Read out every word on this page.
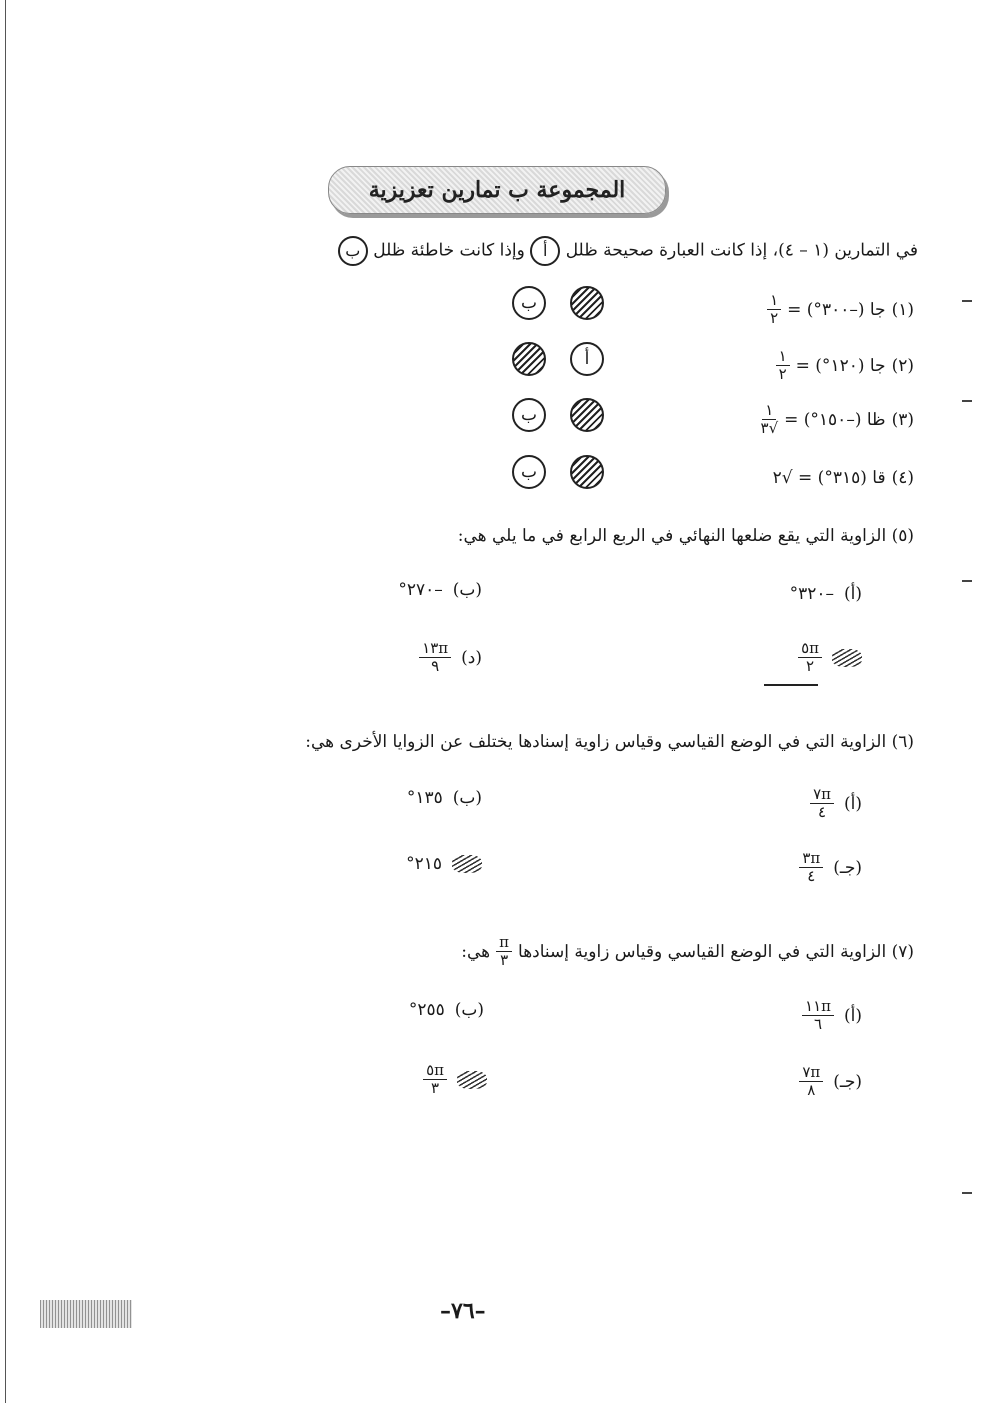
المجموعة ب تمارين تعزيزية
في التمارين (١ – ٤)، إذا كانت العبارة صحيحة ظلل أ وإذا كانت خاطئة ظلل ب
(١)
جا (–٣٠٠°) =
$\frac{١}{٢}$
ب
(٢)
جا (١٢٠°) =
$\frac{١}{٢}$
أ
(٣)
ظا (–١٥٠°) =
$\frac{١}{√٣}$
ب
(٤)
قا (٣١٥°) = √٢
ب
(٥) الزاوية التي يقع ضلعها النهائي في الربع الرابع في ما يلي هي:
(أ)
–٣٢٠°
(ب)
–٢٧٠°
$\frac{٥\pi}{٢}$
(د)
$\frac{١٣\pi}{٩}$
(٦) الزاوية التي في الوضع القياسي وقياس زاوية إسنادها يختلف عن الزوايا الأخرى هي:
(أ)
$\frac{٧\pi}{٤}$
(ب)
١٣٥°
(جـ)
$\frac{٣\pi}{٤}$
٢١٥°
(٧) الزاوية التي في الوضع القياسي وقياس زاوية إسنادها
$\frac{\pi}{٣}$
هي:
(أ)
$\frac{١١\pi}{٦}$
(ب)
٢٥٥°
(جـ)
$\frac{٧\pi}{٨}$
$\frac{٥\pi}{٣}$
–٧٦–
